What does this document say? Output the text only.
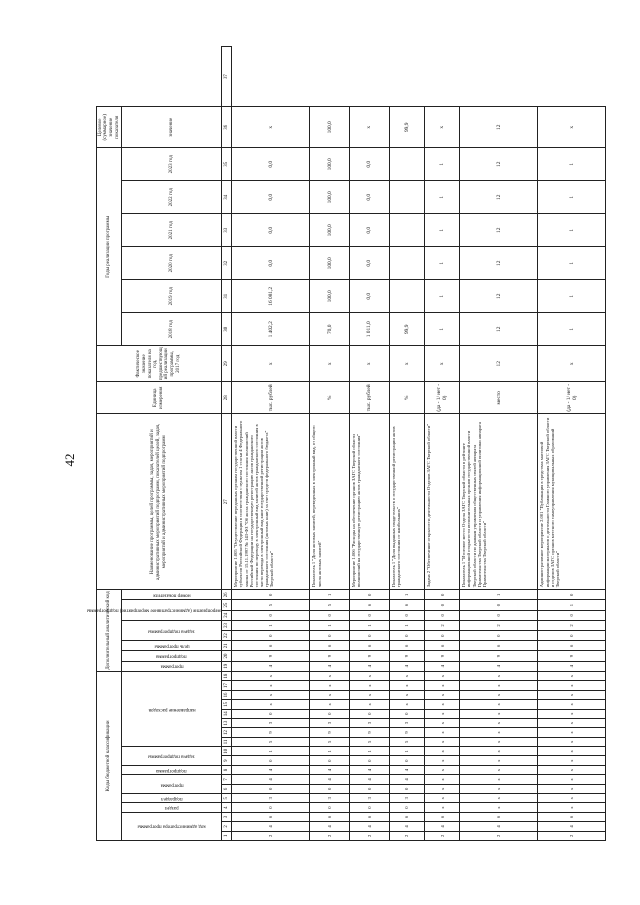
42
Коды бюджетной классификации																		Дополнительный аналитический код								Наименование программы, целей программы, задач, мероприятий и административных мероприятий подпрограмм, показателей целей, задач, мероприятий и административных мероприятий подпрограмм	Единица измерения	Фактическое значение показателя на год, предшествующий реализации программы, 2017 год	Годы реализации программы						Целевое (суммарное) значение показателя	
код администратора программы			раздел	подраздел	программа		подпрограмма	задача подпрограммы		направление расходов								программа	подпрограмма	цель программы	задача подпрограммы		мероприятие (административное мероприятие) подпрограммы		номер показателя				2018 год	2019 год	2020 год	2021 год	2022 год	2023 год	значение	
1	2	3	4	5	6	7	8	9	10	11	12	13	14	15	16	17	18	19	20	21	22	23	24	25	26	27	28	29	30	31	32	33	34	35	36	37
2	4	6	0	3	0	4	4	0	1	5	9	3	0	х	х	х	х	4	9	6	0	1	0	5	0	Мероприятие 1.005 "Осуществление переданных органам государственной власти субъектов Российской Федерации в соответствии с пунктом 1 статьи 4 Федерального закона от 15.11.1997 № 143-ФЗ "Об актах гражданского состояния полномочий Российской Федерации на государственную регистрацию актов гражданского состояния по переводу в электронный вид записей актов гражданского состояния в части перевода в электронный вид книг государственной регистрации актов гражданского состояния (актовых книг) за счет средств федерального бюджета" Тверской области"	тыс. рублей	х	1 402,2	16 081,2	0,0	0,0	0,0	0,0	х	
2	4	6	0	3	0	4	4	0	1	5	9	3	0	х	х	х	х	4	9	6	0	1	0	5	1	Показатель 1 "Доля актовых записей, переведенных в электронный вид, от общего числа актовых записей"	%	х	70,0	100,0	100,0	100,0	100,0	100,0	100,0	
2	4	6	0	3	0	4	4	0	1	5	9	3	0	х	х	х	х	4	9	6	0	1	0	6	0	Мероприятие 1.006 "Расходы на обеспечение органов ЗАГС Тверской области полномочий на государственную регистрацию актов гражданского состояния"	тыс. рублей	х	1 011,0	0,0	0,0	0,0	0,0	0,0	х	
2	4	6	0	3	0	4	4	0	1	5	9	3	0	х	х	х	х	4	9	6	0	1	0	6	1	Показатель 1 "Доля выданных свидетельств о государственной регистрации актов гражданского состояния от наибольших"	%	х	99,9						99,9	
2	4	6	х	х	х	х	х	х	х	х	х	х	х	х	х	х	х	4	9	6	0	2	0	0	0	Задача 2 "Обеспечение открытости деятельности Отделов ЗАГС Тверской области"	(да - 1/ нет - 0)	х	1	1	1	1	1	1	х	
2	4	6	х	х	х	х	х	х	х	х	х	х	х	х	х	х	х	4	9	6	0	2	0	0	1	Показатель 1 "Итоговое место Отдела ЗАГС Тверской области в рейтинге информационной открытости исполнительных органов государственной власти Тверской области по данным управления общественных связей аппарата Правительства Тверской области и управления информационной политики аппарата Правительства Тверской области"	место	12	12	12	12	12	12	12	12	
2	4	6	х	х	х	х	х	х	х	х	х	х	х	х	х	х	х	4	9	6	0	2	0	1	0	Административное мероприятие 2.001 "Публикация в средствах массовой информации материалов о деятельности Главного управления ЗАГС Тверской области и отделов ЗАГС органов местного самоуправления муниципальных образований Тверской области"	(да - 1/ нет - 0)	х	1	1	1	1	1	1	х	
